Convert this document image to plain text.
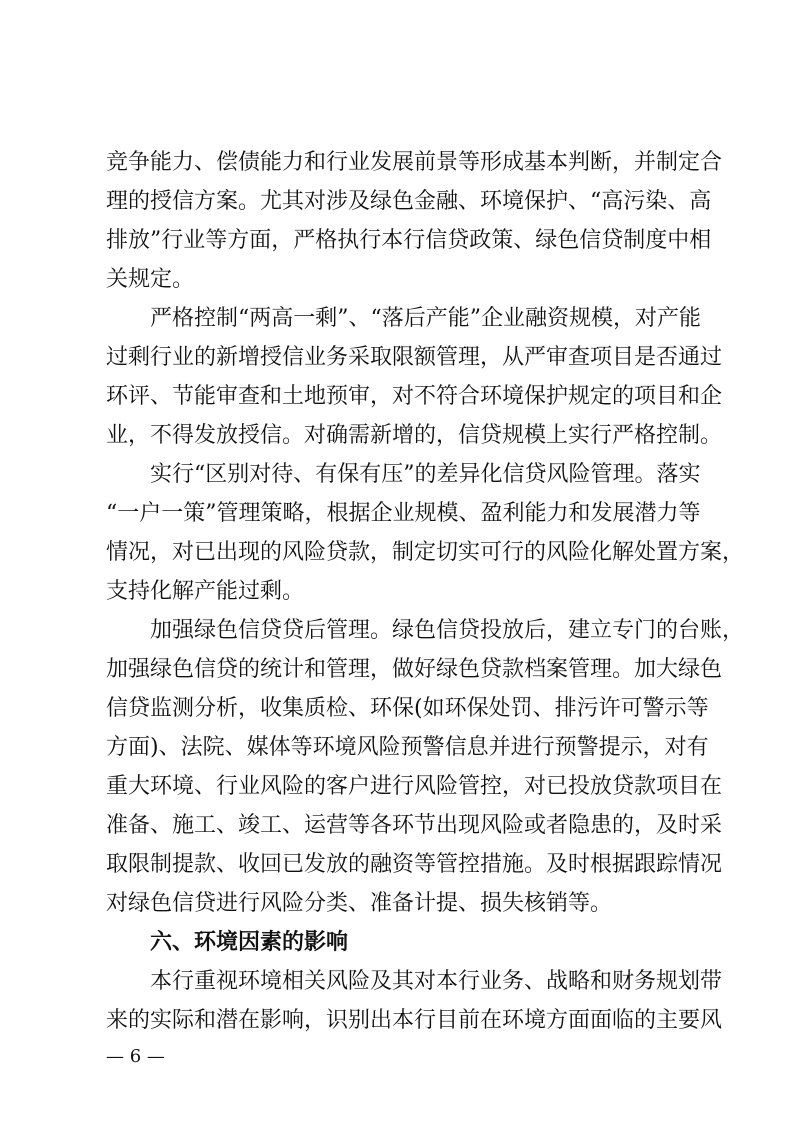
竞争能力、偿债能力和行业发展前景等形成基本判断，并制定合
理的授信方案。尤其对涉及绿色金融、环境保护、“高污染、高
排放”行业等方面，严格执行本行信贷政策、绿色信贷制度中相
关规定。
严格控制“两高一剩”、“落后产能”企业融资规模，对产能
过剩行业的新增授信业务采取限额管理，从严审查项目是否通过
环评、节能审查和土地预审，对不符合环境保护规定的项目和企
业，不得发放授信。对确需新增的，信贷规模上实行严格控制。
实行“区别对待、有保有压”的差异化信贷风险管理。落实
“一户一策”管理策略，根据企业规模、盈利能力和发展潜力等
情况，对已出现的风险贷款，制定切实可行的风险化解处置方案，
支持化解产能过剩。
加强绿色信贷贷后管理。绿色信贷投放后，建立专门的台账，
加强绿色信贷的统计和管理，做好绿色贷款档案管理。加大绿色
信贷监测分析，收集质检、环保(如环保处罚、排污许可警示等
方面)、法院、媒体等环境风险预警信息并进行预警提示，对有
重大环境、行业风险的客户进行风险管控，对已投放贷款项目在
准备、施工、竣工、运营等各环节出现风险或者隐患的，及时采
取限制提款、收回已发放的融资等管控措施。及时根据跟踪情况
对绿色信贷进行风险分类、准备计提、损失核销等。
六、环境因素的影响
本行重视环境相关风险及其对本行业务、战略和财务规划带
来的实际和潜在影响，识别出本行目前在环境方面面临的主要风
— 6 —
